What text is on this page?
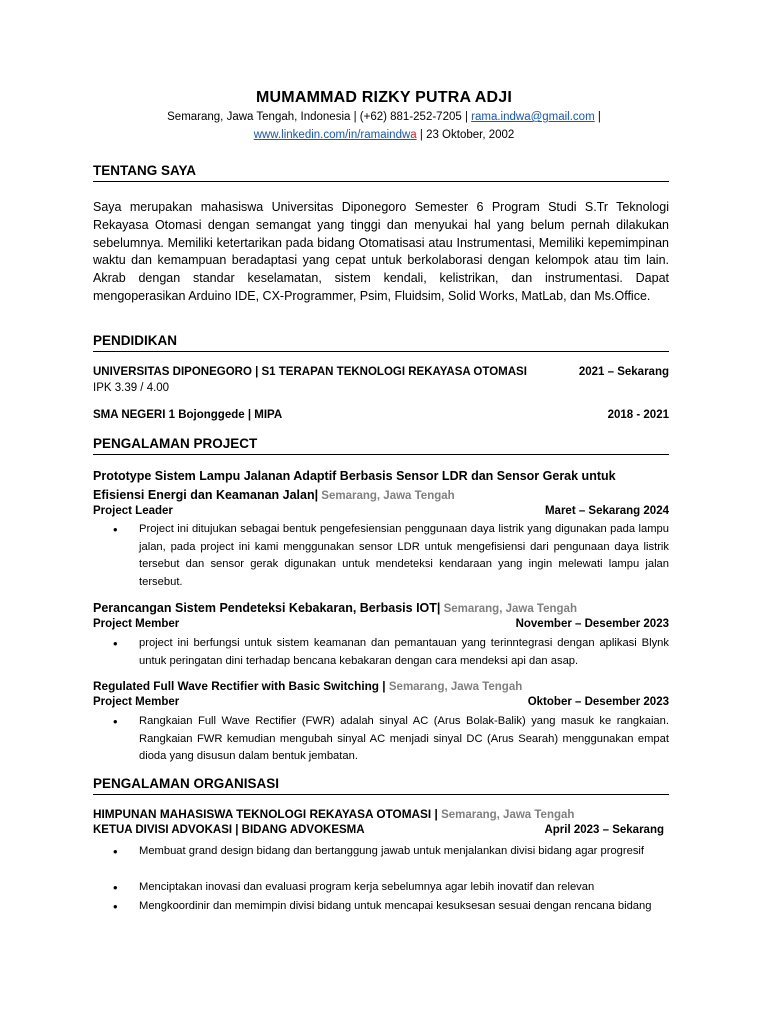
MUMAMMAD RIZKY PUTRA ADJI
Semarang, Jawa Tengah, Indonesia | (+62) 881-252-7205 | rama.indwa@gmail.com |
www.linkedin.com/in/ramaindwa | 23 Oktober, 2002
TENTANG SAYA
Saya merupakan mahasiswa Universitas Diponegoro Semester 6 Program Studi S.Tr Teknologi Rekayasa Otomasi dengan semangat yang tinggi dan menyukai hal yang belum pernah dilakukan sebelumnya. Memiliki ketertarikan pada bidang Otomatisasi atau Instrumentasi, Memiliki kepemimpinan waktu dan kemampuan beradaptasi yang cepat untuk berkolaborasi dengan kelompok atau tim lain. Akrab dengan standar keselamatan, sistem kendali, kelistrikan, dan instrumentasi. Dapat mengoperasikan Arduino IDE, CX-Programmer, Psim, Fluidsim, Solid Works, MatLab, dan Ms.Office.
PENDIDIKAN
UNIVERSITAS DIPONEGORO | S1 TERAPAN TEKNOLOGI REKAYASA OTOMASI	2021 – Sekarang
IPK 3.39 / 4.00
SMA NEGERI 1 Bojonggede | MIPA	2018 - 2021
PENGALAMAN PROJECT
Prototype Sistem Lampu Jalanan Adaptif Berbasis Sensor LDR dan Sensor Gerak untuk Efisiensi Energi dan Keamanan Jalan| Semarang, Jawa Tengah
Project Leader	Maret – Sekarang 2024
•	Project ini ditujukan sebagai bentuk pengefesiensian penggunaan daya listrik yang digunakan pada lampu jalan, pada project ini kami menggunakan sensor LDR untuk mengefisiensi dari pengunaan daya listrik tersebut dan sensor gerak digunakan untuk mendeteksi kendaraan yang ingin melewati lampu jalan tersebut.
Perancangan Sistem Pendeteksi Kebakaran, Berbasis IOT| Semarang, Jawa Tengah
Project Member	November – Desember 2023
•	project ini berfungsi untuk sistem keamanan dan pemantauan yang terinntegrasi dengan aplikasi Blynk untuk peringatan dini terhadap bencana kebakaran dengan cara mendeksi api dan asap.
Regulated Full Wave Rectifier with Basic Switching | Semarang, Jawa Tengah
Project Member	Oktober – Desember 2023
•	Rangkaian Full Wave Rectifier (FWR) adalah sinyal AC (Arus Bolak-Balik) yang masuk ke rangkaian. Rangkaian FWR kemudian mengubah sinyal AC menjadi sinyal DC (Arus Searah) menggunakan empat dioda yang disusun dalam bentuk jembatan.
PENGALAMAN ORGANISASI
HIMPUNAN MAHASISWA TEKNOLOGI REKAYASA OTOMASI | Semarang, Jawa Tengah
KETUA DIVISI ADVOKASI | BIDANG ADVOKESMA	April 2023 – Sekarang
•	Membuat grand design bidang dan bertanggung jawab untuk menjalankan divisi bidang agar progresif
•	Menciptakan inovasi dan evaluasi program kerja sebelumnya agar lebih inovatif dan relevan
•	Mengkoordinir dan memimpin divisi bidang untuk mencapai kesuksesan sesuai dengan rencana bidang
